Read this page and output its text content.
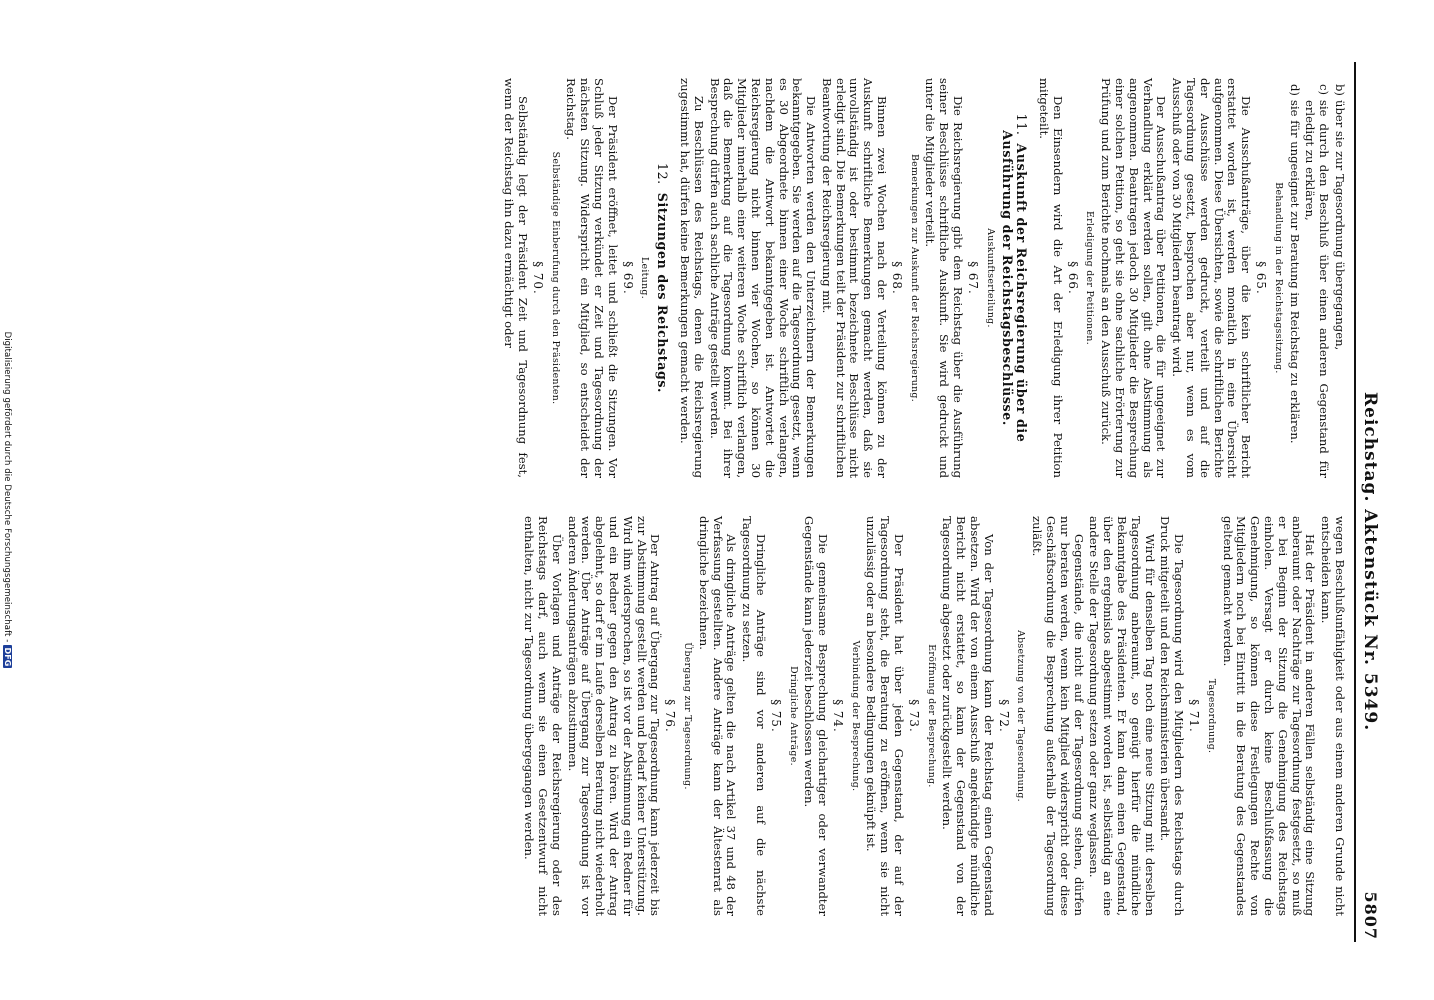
Reichstag. Aktenstück Nr. 5349.
5807

b)
über sie zur Tagesordnung übergegangen,

c)
sie durch den Beschluß über einen anderen Gegenstand für erledigt zu erklären,

d)
sie für ungeeignet zur Beratung im Reichstag zu erklären.

Behandlung in der Reichstagssitzung.
§ 65.

Die Ausschußanträge, über die kein schriftlicher Bericht erstattet worden ist, werden monatlich in eine Übersicht aufgenommen. Diese Übersichten, sowie die schriftlichen Berichte der Ausschüsse werden gedruckt, verteilt und auf die Tagesordnung gesetzt, besprochen aber nur, wenn es vom Ausschuß oder von 30 Mitgliedern beantragt wird.

Der Ausschußantrag über Petitionen, die für ungeeignet zur Verhandlung erklärt werden sollen, gilt ohne Abstimmung als angenommen. Beantragen jedoch 30 Mitglieder die Besprechung einer solchen Petition, so geht sie ohne sachliche Erörterung zur Prüfung und zum Berichte nochmals an den Ausschuß zurück.

Erledigung der Petitionen.
§ 66.

Den Einsendern wird die Art der Erledigung ihrer Petition mitgeteilt.

11.Auskunft der Reichsregierung über die Ausführung der Reichstagsbeschlüsse.
Auskunftserteilung.
§ 67.

Die Reichsregierung gibt dem Reichstag über die Ausführung seiner Beschlüsse schriftliche Auskunft. Sie wird gedruckt und unter die Mitglieder verteilt.

Bemerkungen zur Auskunft der Reichsregierung.
§ 68.

Binnen zwei Wochen nach der Verteilung können zu der Auskunft schriftliche Bemerkungen gemacht werden, daß sie unvollständig ist oder bestimmt bezeichnete Beschlüsse nicht erledigt sind. Die Bemerkungen teilt der Präsident zur schriftlichen Beantwortung der Reichsregierung mit.

Die Antworten werden den Unterzeichnern der Bemerkungen bekanntgegeben. Sie werden auf die Tagesordnung gesetzt, wenn es 30 Abgeordnete binnen einer Woche schriftlich verlangen, nachdem die Antwort bekanntgegeben ist. Antwortet die Reichsregierung nicht binnen vier Wochen, so können 30 Mitglieder innerhalb einer weiteren Woche schriftlich verlangen, daß die Bemerkung auf die Tagesordnung kommt. Bei ihrer Besprechung dürfen auch sachliche Anträge gestellt werden.

Zu Beschlüssen des Reichstags, denen die Reichsregierung zugestimmt hat, dürfen keine Bemerkungen gemacht werden.

12.Sitzungen des Reichstags.
Leitung.
§ 69.

Der Präsident eröffnet, leitet und schließt die Sitzungen. Vor Schluß jeder Sitzung verkündet er Zeit und Tagesordnung der nächsten Sitzung. Widerspricht ein Mitglied, so entscheidet der Reichstag.

Selbständige Einberufung durch den Präsidenten.
§ 70.

Selbständig legt der Präsident Zeit und Tagesordnung fest, wenn der Reichstag ihn dazu ermächtigt oder

wegen Beschlußunfähigkeit oder aus einem anderen Grunde nicht entscheiden kann.

Hat der Präsident in anderen Fällen selbständig eine Sitzung anberaumt oder Nachträge zur Tagesordnung festgesetzt, so muß er bei Beginn der Sitzung die Genehmigung des Reichstags einholen. Versagt er durch keine Beschlußfassung die Genehmigung, so können diese Festlegungen Rechte von Mitgliedern noch bei Eintritt in die Beratung des Gegenstandes geltend gemacht werden.

Tagesordnung.
§ 71.

Die Tagesordnung wird den Mitgliedern des Reichstags durch Druck mitgeteilt und den Reichsministerien übersandt.

Wird für denselben Tag noch eine neue Sitzung mit derselben Tagesordnung anberaumt, so genügt hierfür die mündliche Bekanntgabe des Präsidenten. Er kann dann einen Gegenstand, über den ergebnislos abgestimmt worden ist, selbständig an eine andere Stelle der Tagesordnung setzen oder ganz weglassen.

Gegenstände, die nicht auf der Tagesordnung stehen, dürfen nur beraten werden, wenn kein Mitglied widerspricht oder diese Geschäftsordnung die Besprechung außerhalb der Tagesordnung zuläßt.

Absetzung von der Tagesordnung.
§ 72.

Von der Tagesordnung kann der Reichstag einen Gegenstand absetzen. Wird der von einem Ausschuß angekündigte mündliche Bericht nicht erstattet, so kann der Gegenstand von der Tagesordnung abgesetzt oder zurückgestellt werden.

Eröffnung der Besprechung.
§ 73.

Der Präsident hat über jeden Gegenstand, der auf der Tagesordnung steht, die Beratung zu eröffnen, wenn sie nicht unzulässig oder an besondere Bedingungen geknüpft ist.

Verbindung der Besprechung.
§ 74.

Die gemeinsame Besprechung gleichartiger oder verwandter Gegenstände kann jederzeit beschlossen werden.

Dringliche Anträge.
§ 75.

Dringliche Anträge sind vor anderen auf die nächste Tagesordnung zu setzen.

Als dringliche Anträge gelten die nach Artikel 37 und 48 der Verfassung gestellten. Andere Anträge kann der Ältestenrat als dringliche bezeichnen.

Übergang zur Tagesordnung.
§ 76.

Der Antrag auf Übergang zur Tagesordnung kann jederzeit bis zur Abstimmung gestellt werden und bedarf keiner Unterstützung. Wird ihm widersprochen, so ist vor der Abstimmung ein Redner für und ein Redner gegen den Antrag zu hören. Wird der Antrag abgelehnt, so darf er im Laufe derselben Beratung nicht wiederholt werden. Über Anträge auf Übergang zur Tagesordnung ist vor anderen Änderungsanträgen abzustimmen.

Über Vorlagen und Anträge der Reichsregierung oder des Reichstags darf, auch wenn sie einen Gesetzentwurf nicht enthalten, nicht zur Tagesordnung übergegangen werden.

Digitalisierung gefördert durch die Deutsche Forschungsgemeinschaft -DFG
